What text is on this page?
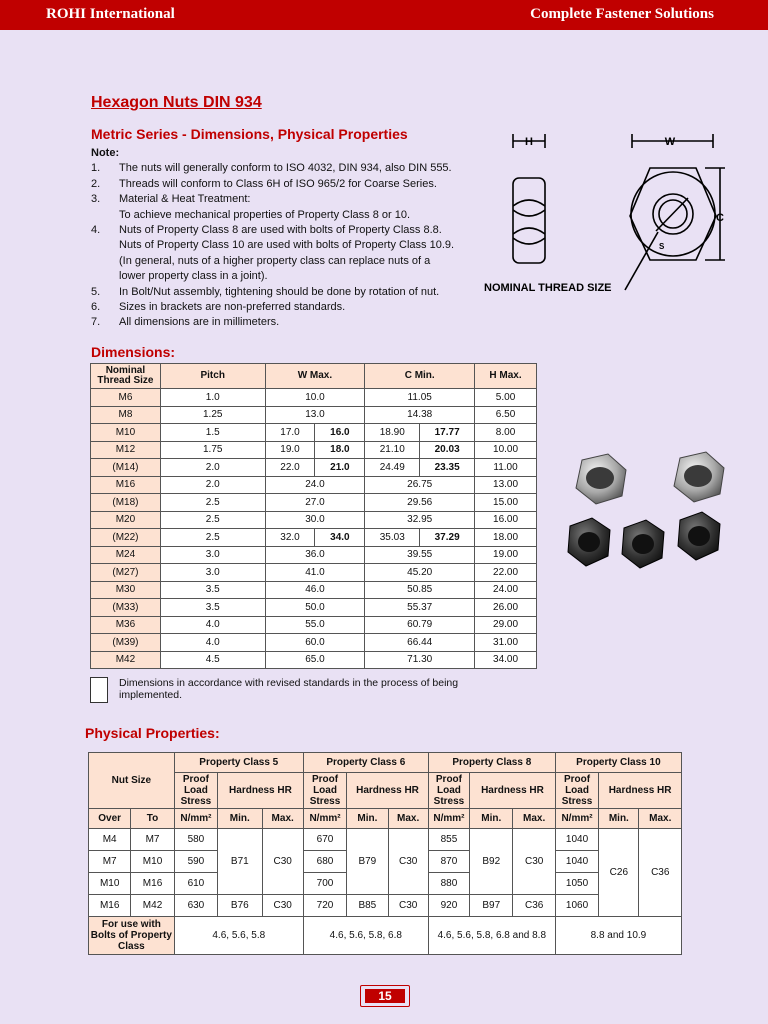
ROHI International	Complete Fastener Solutions
Hexagon Nuts DIN 934
Metric Series - Dimensions, Physical Properties
Note:
1.	The nuts will generally conform to ISO 4032, DIN 934, also DIN 555.
2.	Threads will conform to Class 6H of ISO 965/2 for Coarse Series.
3.	Material & Heat Treatment:
To achieve mechanical properties of Property Class 8 or 10.
4.	Nuts of Property Class 8 are used with bolts of Property Class 8.8.
Nuts of Property Class 10 are used with bolts of Property Class 10.9.
(In general, nuts of a higher property class can replace nuts of a
lower property class in a joint).
5.	In Bolt/Nut assembly, tightening should be done by rotation of nut.
6.	Sizes in brackets are non-preferred standards.
7.	All dimensions are in millimeters.
H	W
C
S
NOMINAL THREAD SIZE
Dimensions:
Nominal Thread Size	Pitch	W Max.		C Min.		H Max.
M6	1.0	10.0		11.05		5.00
M8	1.25	13.0		14.38		6.50
M10	1.5	17.0	16.0	18.90	17.77	8.00
M12	1.75	19.0	18.0	21.10	20.03	10.00
(M14)	2.0	22.0	21.0	24.49	23.35	11.00
M16	2.0	24.0		26.75		13.00
(M18)	2.5	27.0		29.56		15.00
M20	2.5	30.0		32.95		16.00
(M22)	2.5	32.0	34.0	35.03	37.29	18.00
M24	3.0	36.0		39.55		19.00
(M27)	3.0	41.0		45.20		22.00
M30	3.5	46.0		50.85		24.00
(M33)	3.5	50.0		55.37		26.00
M36	4.0	55.0		60.79		29.00
(M39)	4.0	60.0		66.44		31.00
M42	4.5	65.0		71.30		34.00
Dimensions in accordance with revised standards in the process of being implemented.
Physical Properties:
Nut Size		Property Class 5			Property Class 6			Property Class 8			Property Class 10		
		Proof Load Stress	Hardness HR		Proof Load Stress	Hardness HR		Proof Load Stress	Hardness HR		Proof Load Stress	Hardness HR	
Over	To	N/mm²	Min.	Max.	N/mm²	Min.	Max.	N/mm²	Min.	Max.	N/mm²	Min.	Max.
M4	M7	580	B71	C30	670	B79	C30	855	B92	C30	1040	C26	C36
M7	M10	590			680			870			1040		
M10	M16	610			700			880			1050		
M16	M42	630	B76	C30	720	B85	C30	920	B97	C36	1060		
For use with Bolts of Property Class		4.6, 5.6, 5.8			4.6, 5.6, 5.8, 6.8			4.6, 5.6, 5.8, 6.8 and 8.8			8.8 and 10.9		
15
